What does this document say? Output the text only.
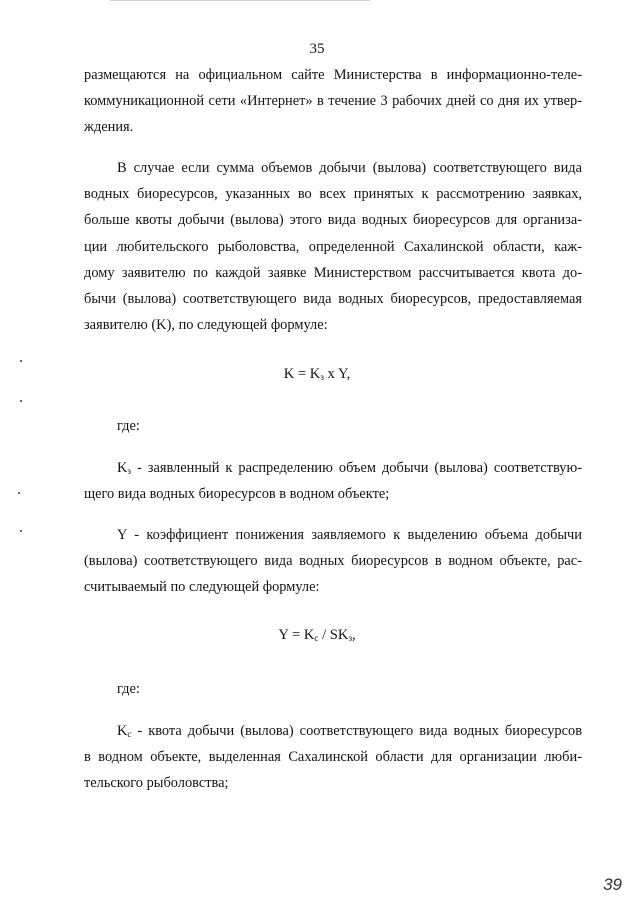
35
размещаются на официальном сайте Министерства в информационно-теле-
коммуникационной сети «Интернет» в течение 3 рабочих дней со дня их утвер-
ждения.
В случае если сумма объемов добычи (вылова) соответствующего вида
водных биоресурсов, указанных во всех принятых к рассмотрению заявках,
больше квоты добычи (вылова) этого вида водных биоресурсов для организа-
ции любительского рыболовства, определенной Сахалинской области, каж-
дому заявителю по каждой заявке Министерством рассчитывается квота до-
бычи (вылова) соответствующего вида водных биоресурсов, предоставляемая
заявителю (K), по следующей формуле:
$K = K_з$ x Y,
где:
$K_з$ - заявленный к распределению объем добычи (вылова) соответствую-
щего вида водных биоресурсов в водном объекте;
Y - коэффициент понижения заявляемого к выделению объема добычи
(вылова) соответствующего вида водных биоресурсов в водном объекте, рас-
считываемый по следующей формуле:
$Y = K_с / SK_з$,
где:
$K_с$ - квота добычи (вылова) соответствующего вида водных биоресурсов
в водном объекте, выделенная Сахалинской области для организации люби-
тельского рыболовства;
39
